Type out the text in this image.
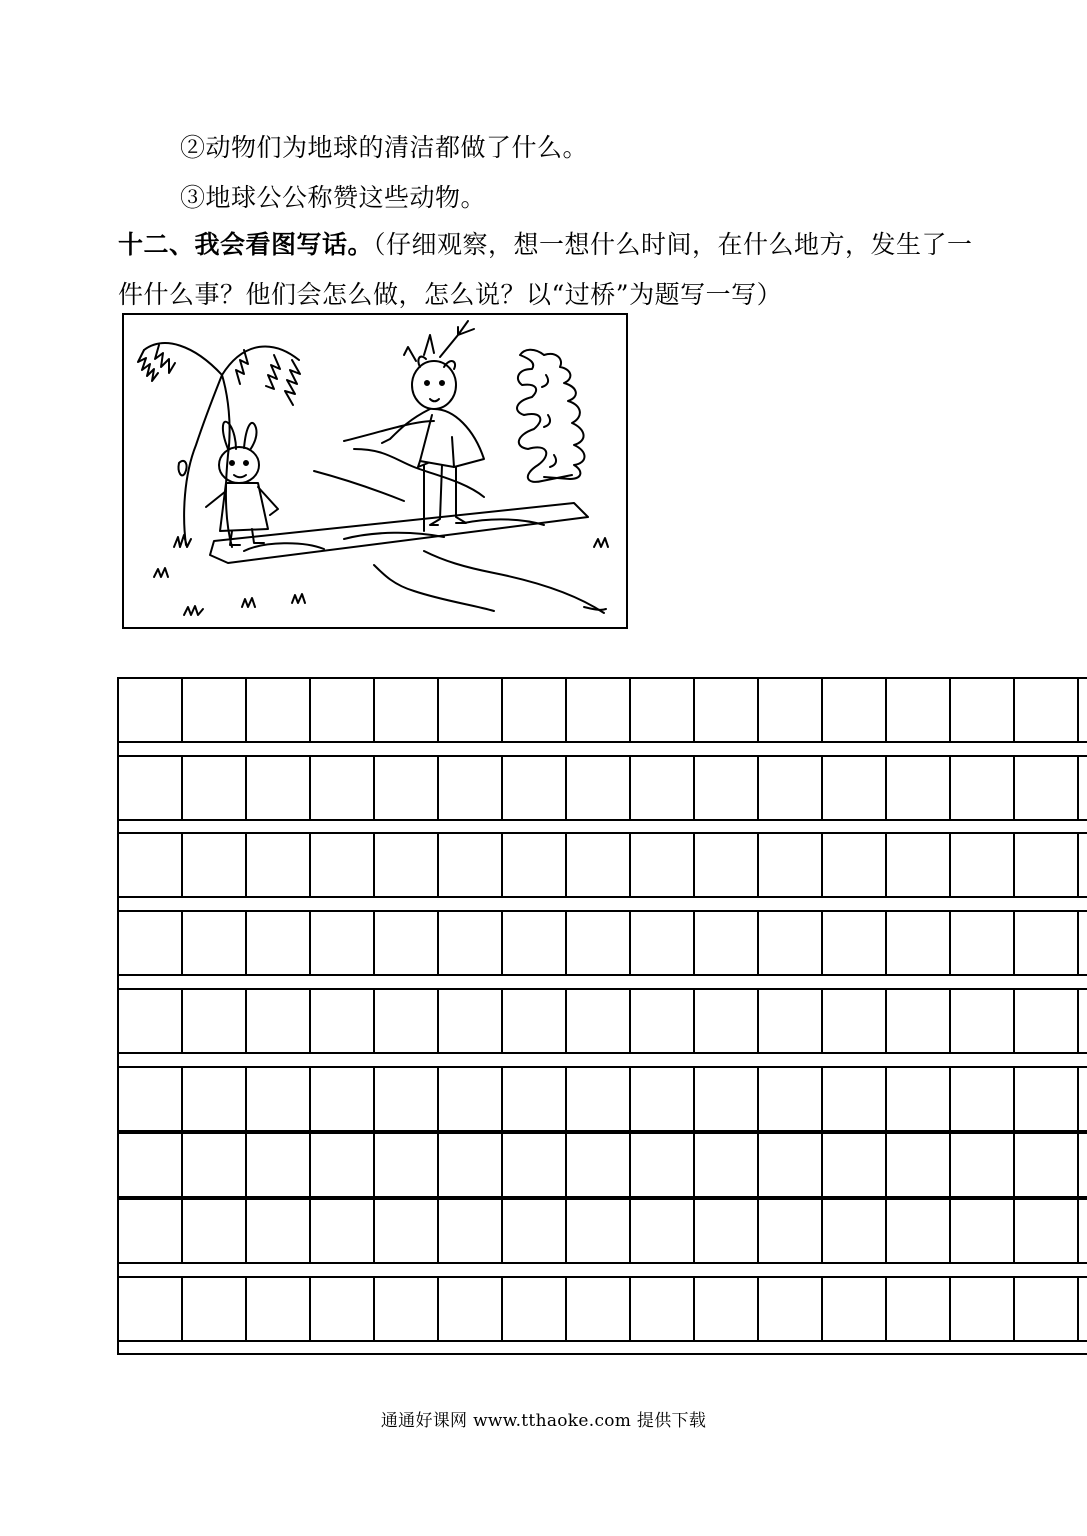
②动物们为地球的清洁都做了什么。
③地球公公称赞这些动物。
十二、我会看图写话。（仔细观察，想一想什么时间，在什么地方，发生了一
件什么事？他们会怎么做，怎么说？以“过桥”为题写一写）
通通好课网 www.tthaoke.com 提供下载
